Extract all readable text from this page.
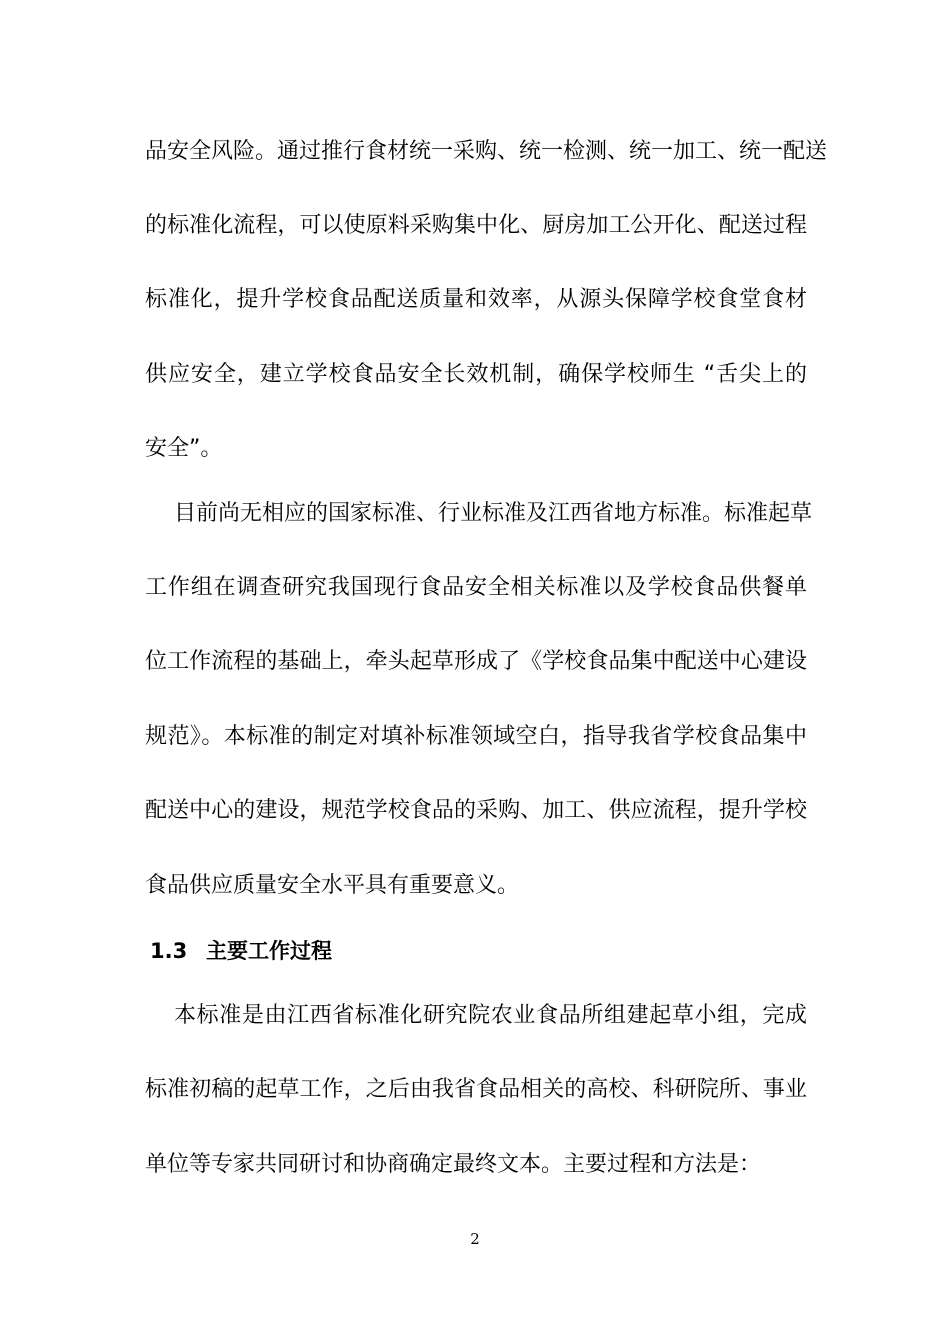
品安全风险。通过推行食材统一采购、统一检测、统一加工、统一配送
的标准化流程，可以使原料采购集中化、厨房加工公开化、配送过程
标准化，提升学校食品配送质量和效率，从源头保障学校食堂食材
供应安全，建立学校食品安全长效机制，确保学校师生 “舌尖上的
安全”。
目前尚无相应的国家标准、行业标准及江西省地方标准。标准起草
工作组在调查研究我国现行食品安全相关标准以及学校食品供餐单
位工作流程的基础上，牵头起草形成了《学校食品集中配送中心建设
规范》。本标准的制定对填补标准领域空白，指导我省学校食品集中
配送中心的建设，规范学校食品的采购、加工、供应流程，提升学校
食品供应质量安全水平具有重要意义。
1.3 主要工作过程
本标准是由江西省标准化研究院农业食品所组建起草小组，完成
标准初稿的起草工作，之后由我省食品相关的高校、科研院所、事业
单位等专家共同研讨和协商确定最终文本。主要过程和方法是：
2
